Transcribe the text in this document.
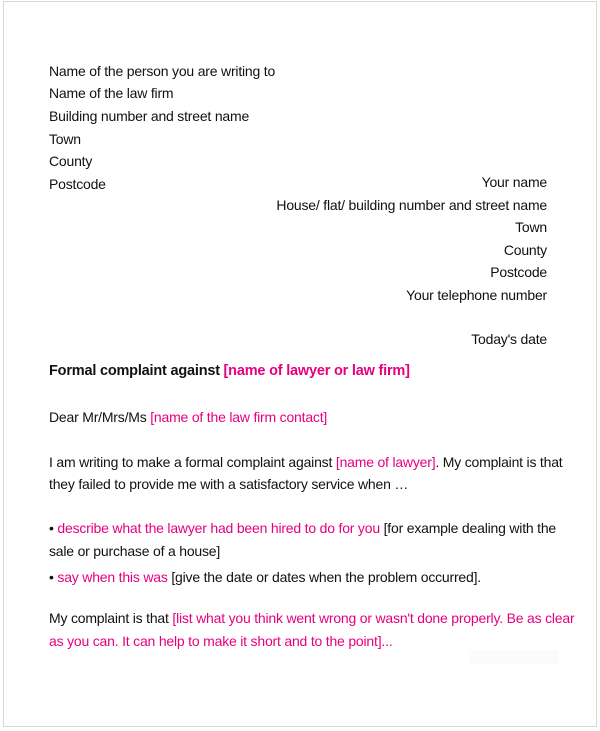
Name of the person you are writing to
Name of the law firm
Building number and street name
Town
County
Postcode	Your name
House/ flat/ building number and street name
Town
County
Postcode
Your telephone number
Today's date
Formal complaint against [name of lawyer or law firm]
Dear Mr/Mrs/Ms [name of the law firm contact]
I am writing to make a formal complaint against [name of lawyer]. My complaint is that
they failed to provide me with a satisfactory service when …
• describe what the lawyer had been hired to do for you [for example dealing with the
sale or purchase of a house]
• say when this was [give the date or dates when the problem occurred].
My complaint is that [list what you think went wrong or wasn't done properly. Be as clear
as you can. It can help to make it short and to the point]...
